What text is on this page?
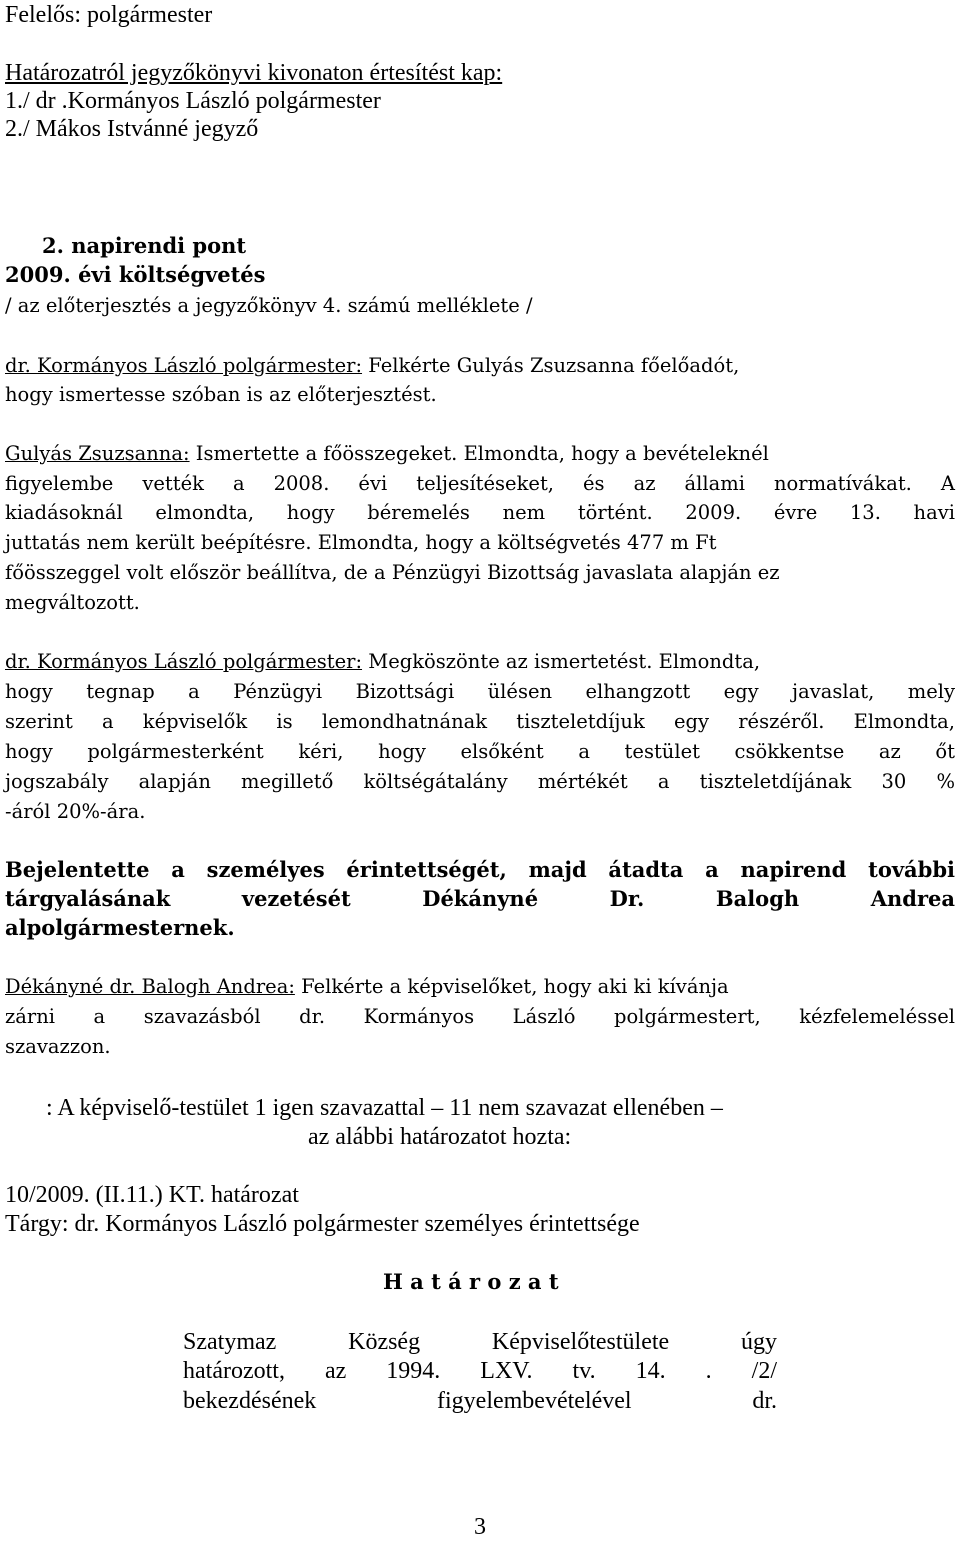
Felelős: polgármester
Határozatról jegyzőkönyvi kivonaton értesítést kap:
1./ dr .Kormányos László polgármester
2./ Mákos Istvánné jegyző
2. napirendi pont
2009. évi költségvetés
/ az előterjesztés a jegyzőkönyv 4. számú melléklete /
dr. Kormányos László polgármester: Felkérte Gulyás Zsuzsanna főelőadót,
hogy ismertesse szóban is az előterjesztést.
Gulyás Zsuzsanna: Ismertette a főösszegeket. Elmondta, hogy a bevételeknél
figyelembe vették a 2008. évi teljesítéseket, és az állami normatívákat. A
kiadásoknál elmondta, hogy béremelés nem történt. 2009. évre 13. havi
juttatás nem került beépítésre. Elmondta, hogy a költségvetés 477 m Ft
főösszeggel volt először beállítva, de a Pénzügyi Bizottság javaslata alapján ez
megváltozott.
dr. Kormányos László polgármester: Megköszönte az ismertetést. Elmondta,
hogy tegnap a Pénzügyi Bizottsági ülésen elhangzott egy javaslat, mely
szerint a képviselők is lemondhatnának tiszteletdíjuk egy részéről. Elmondta,
hogy polgármesterként kéri, hogy elsőként a testület csökkentse az őt
jogszabály alapján megillető költségátalány mértékét a tiszteletdíjának 30 %
-áról 20%-ára.
Bejelentette a személyes érintettségét, majd átadta a napirend további
tárgyalásának vezetését Dékányné Dr. Balogh Andrea
alpolgármesternek.
Dékányné dr. Balogh Andrea: Felkérte a képviselőket, hogy aki ki kívánja
zárni a szavazásból dr. Kormányos László polgármestert, kézfelemeléssel
szavazzon.
: A képviselő-testület 1 igen szavazattal – 11 nem szavazat ellenében –
az alábbi határozatot hozta:
10/2009. (II.11.) KT. határozat
Tárgy: dr. Kormányos László polgármester személyes érintettsége
H a t á r o z a t
Szatymaz Község Képviselőtestülete úgy
határozott, az 1994. LXV. tv. 14. . /2/
bekezdésének figyelembevételével dr.
3
